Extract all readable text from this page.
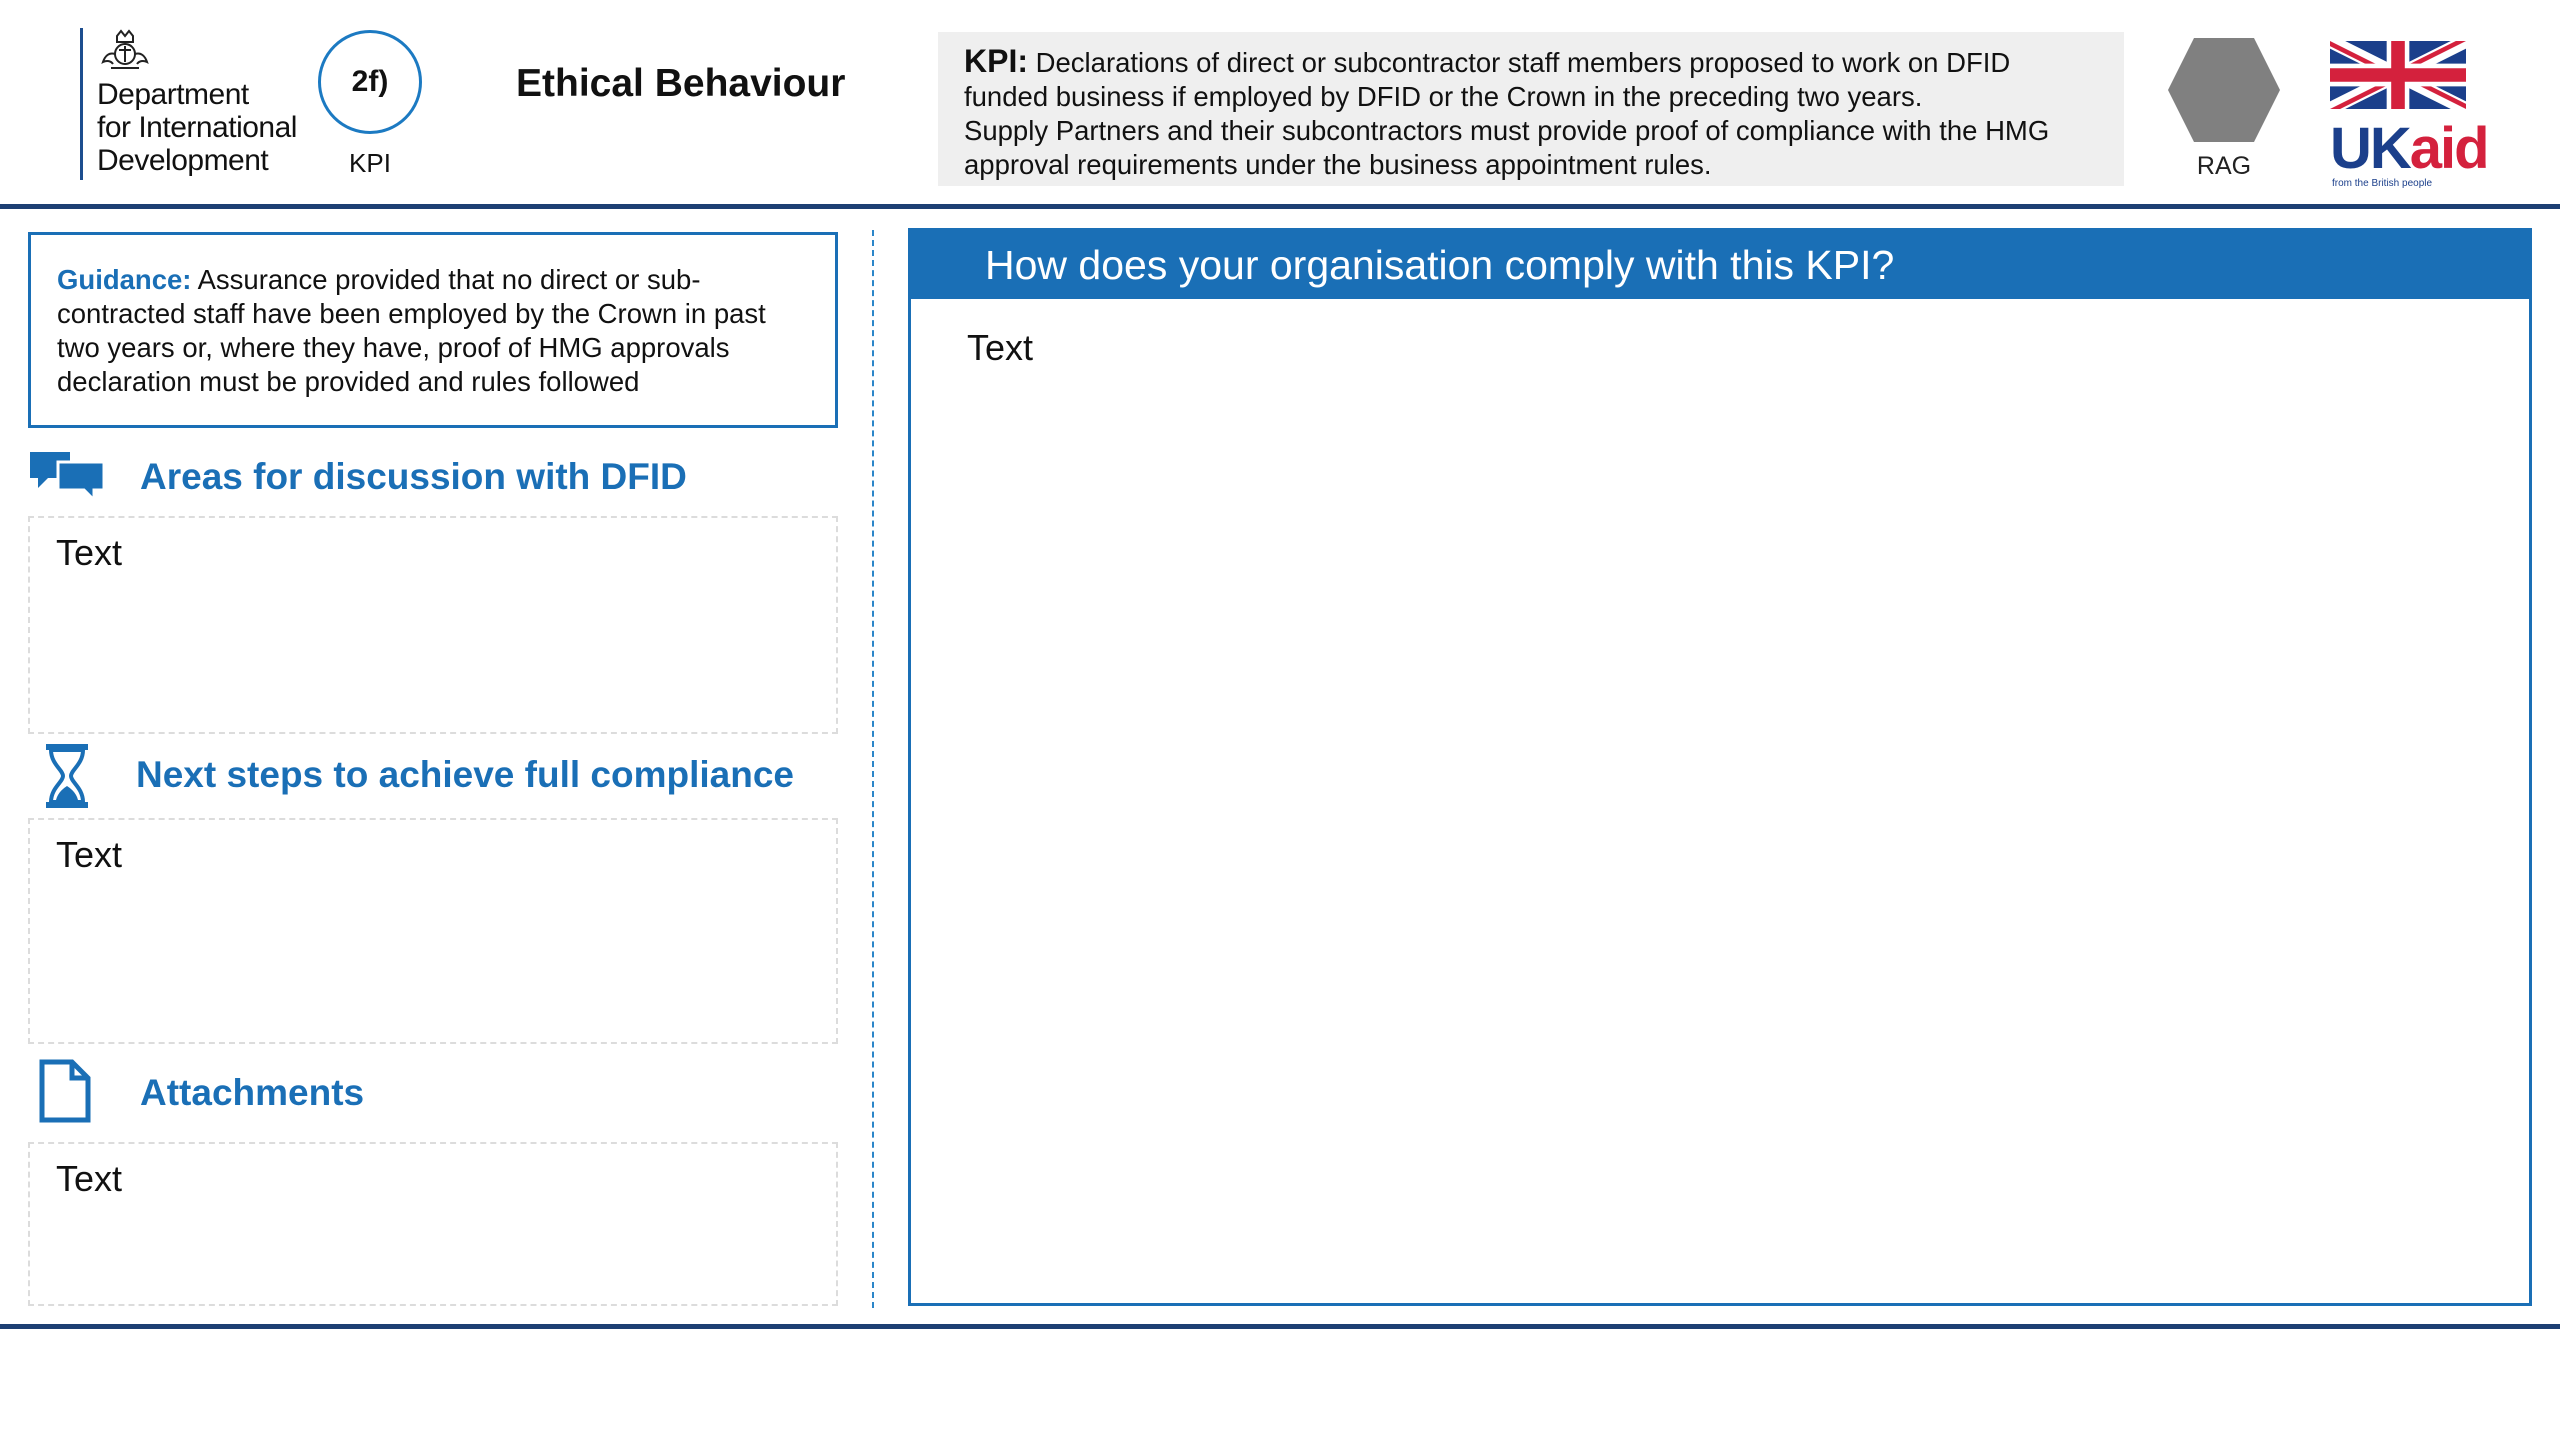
Department
for International
Development
2f)
KPI
Ethical Behaviour
KPI: Declarations of direct or subcontractor staff members proposed to work on DFID
funded business if employed by DFID or the Crown in the preceding two years.
Supply Partners and their subcontractors must provide proof of compliance with the HMG
approval requirements under the business appointment rules.	RAG	UKaid
from the British people
Guidance: Assurance provided that no direct or sub-
contracted staff have been employed by the Crown in past
two years or, where they have, proof of HMG approvals
declaration must be provided and rules followed
Areas for discussion with DFID
Text
Next steps to achieve full compliance
Text
Attachments
Text
How does your organisation comply with this KPI?
Text
